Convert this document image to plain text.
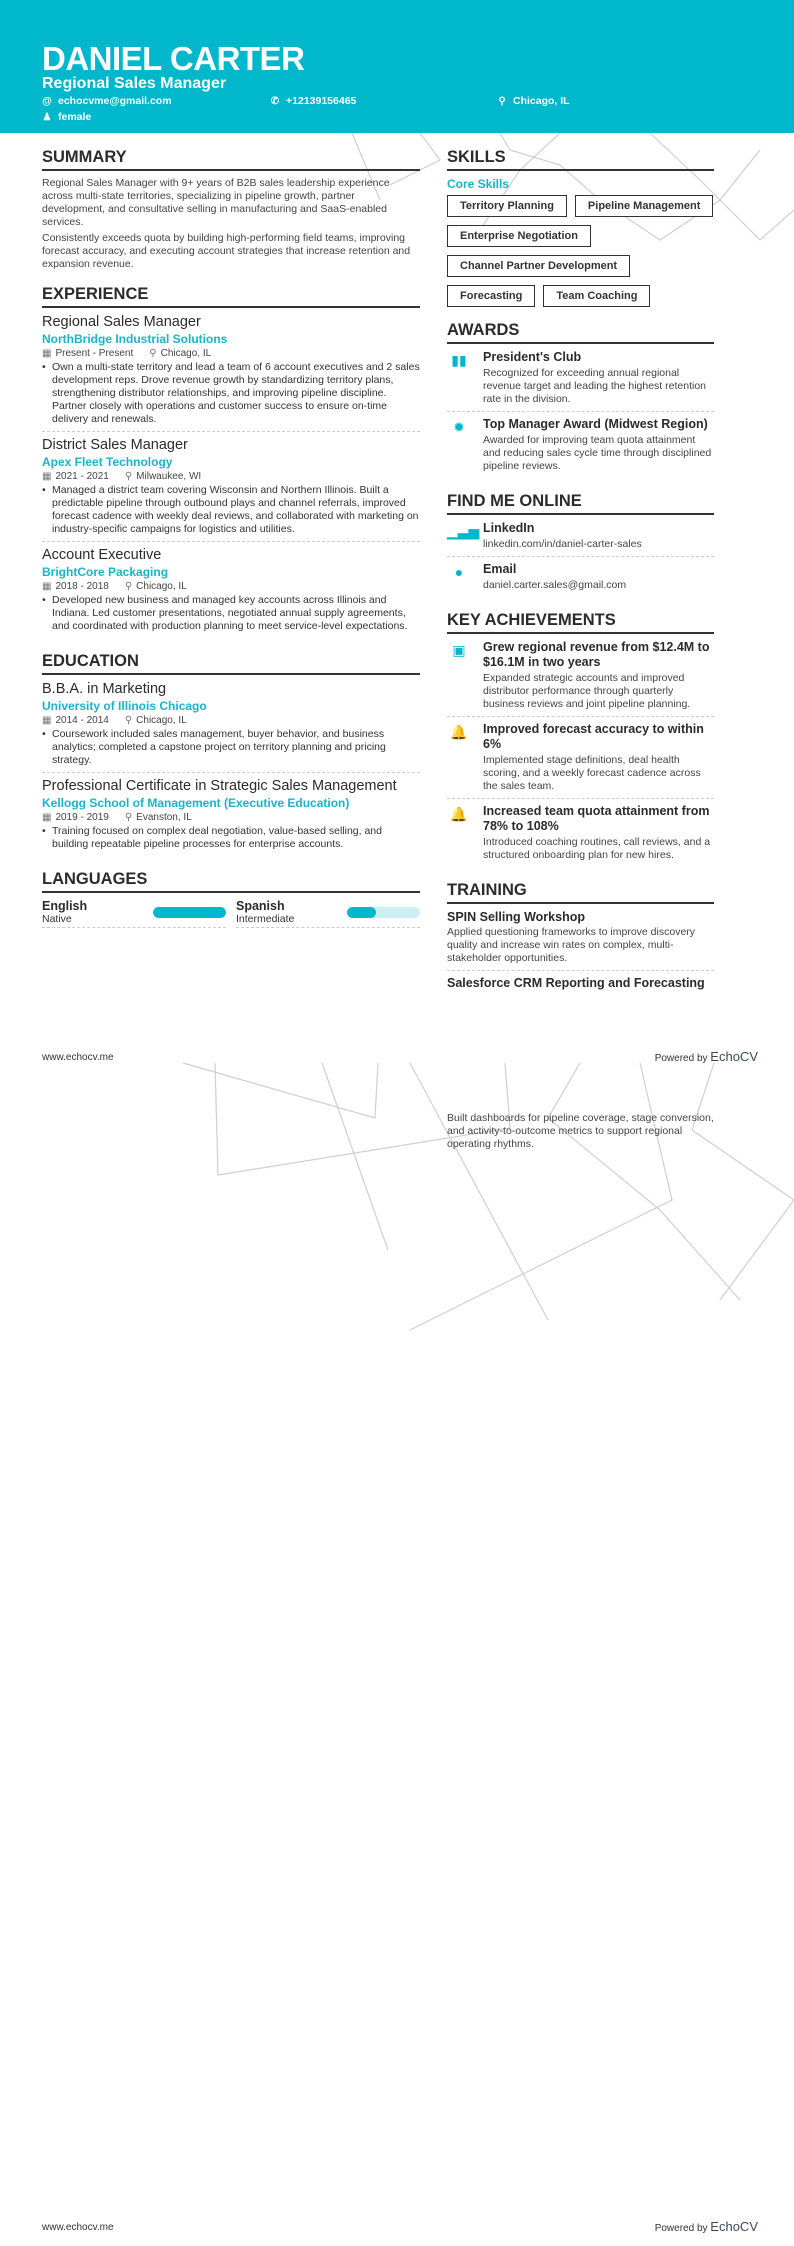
DANIEL CARTER
Regional Sales Manager
@ echocvme@gmail.com	✆ +12139156465	⚲ Chicago, IL
♟ female
SUMMARY
Regional Sales Manager with 9+ years of B2B sales leadership experience across multi-state territories, specializing in pipeline growth, partner development, and consultative selling in manufacturing and SaaS-enabled services.
Consistently exceeds quota by building high-performing field teams, improving forecast accuracy, and executing account strategies that increase retention and expansion revenue.
EXPERIENCE
Regional Sales Manager
NorthBridge Industrial Solutions
▦ Present - Present ⚲ Chicago, IL
• Own a multi-state territory and lead a team of 6 account executives and 2 sales development reps. Drove revenue growth by standardizing territory plans, strengthening distributor relationships, and improving pipeline discipline. Partner closely with operations and customer success to ensure on-time delivery and renewals.
District Sales Manager
Apex Fleet Technology
▦ 2021 - 2021 ⚲ Milwaukee, WI
• Managed a district team covering Wisconsin and Northern Illinois. Built a predictable pipeline through outbound plays and channel referrals, improved forecast cadence with weekly deal reviews, and collaborated with marketing on industry-specific campaigns for logistics and utilities.
Account Executive
BrightCore Packaging
▦ 2018 - 2018 ⚲ Chicago, IL
• Developed new business and managed key accounts across Illinois and Indiana. Led customer presentations, negotiated annual supply agreements, and coordinated with production planning to meet service-level expectations.
EDUCATION
B.B.A. in Marketing
University of Illinois Chicago
▦ 2014 - 2014 ⚲ Chicago, IL
• Coursework included sales management, buyer behavior, and business analytics; completed a capstone project on territory planning and pricing strategy.
Professional Certificate in Strategic Sales Management
Kellogg School of Management (Executive Education)
▦ 2019 - 2019 ⚲ Evanston, IL
• Training focused on complex deal negotiation, value-based selling, and building repeatable pipeline processes for enterprise accounts.
LANGUAGES
English
Native
Spanish
Intermediate
SKILLS
Core Skills
Territory Planning	Pipeline Management
Enterprise Negotiation
Channel Partner Development
Forecasting	Team Coaching
AWARDS
▮▮	President's Club
Recognized for exceeding annual regional revenue target and leading the highest retention rate in the division.
✹	Top Manager Award (Midwest Region)
Awarded for improving team quota attainment and reducing sales cycle time through disciplined pipeline reviews.
FIND ME ONLINE
▁▃▅ LinkedIn
linkedin.com/in/daniel-carter-sales
●	Email
daniel.carter.sales@gmail.com
KEY ACHIEVEMENTS
▣	Grew regional revenue from $12.4M to $16.1M in two years
Expanded strategic accounts and improved distributor performance through quarterly business reviews and joint pipeline planning.
🔔 Improved forecast accuracy to within 6%
Implemented stage definitions, deal health scoring, and a weekly forecast cadence across the sales team.
🔔 Increased team quota attainment from 78% to 108%
Introduced coaching routines, call reviews, and a structured onboarding plan for new hires.
TRAINING
SPIN Selling Workshop
Applied questioning frameworks to improve discovery quality and increase win rates on complex, multi-stakeholder opportunities.
Salesforce CRM Reporting and Forecasting
www.echocv.me	Powered by EchoCV
Built dashboards for pipeline coverage, stage conversion, and activity-to-outcome metrics to support regional operating rhythms.
www.echocv.me	Powered by EchoCV
